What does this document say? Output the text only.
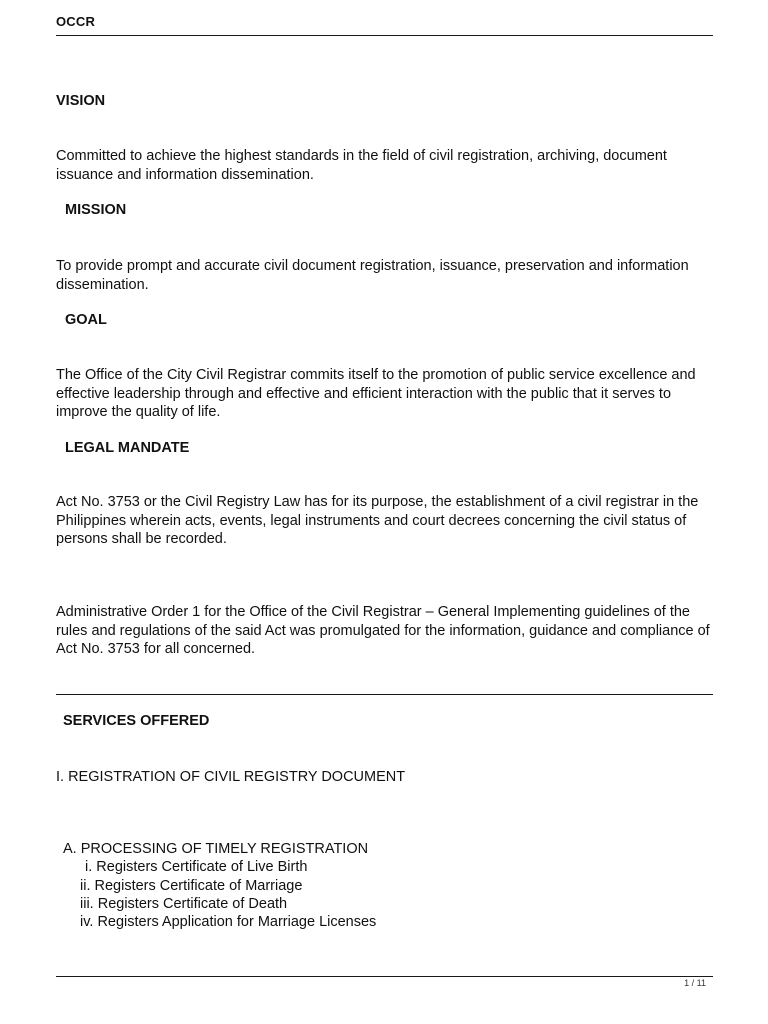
OCCR
VISION
Committed to achieve the highest standards in the field of civil registration, archiving, document issuance and information dissemination.
MISSION
To provide prompt and accurate civil document registration, issuance, preservation and information dissemination.
GOAL
The Office of the City Civil Registrar commits itself to the promotion of public service excellence and effective leadership through and effective and efficient interaction with the public that it serves to improve the quality of life.
LEGAL MANDATE
Act No. 3753 or the Civil Registry Law has for its purpose, the establishment of a civil registrar in the Philippines wherein acts, events, legal instruments and court decrees concerning the civil status of persons shall be recorded.
Administrative Order 1 for the Office of the Civil Registrar – General Implementing guidelines of the rules and regulations of the said Act was promulgated for the information, guidance and compliance of Act No. 3753 for all concerned.
SERVICES OFFERED
I. REGISTRATION OF CIVIL REGISTRY DOCUMENT
A. PROCESSING OF TIMELY REGISTRATION
i. Registers Certificate of Live Birth
ii. Registers Certificate of Marriage
iii. Registers Certificate of Death
iv. Registers Application for Marriage Licenses
1 / 11
